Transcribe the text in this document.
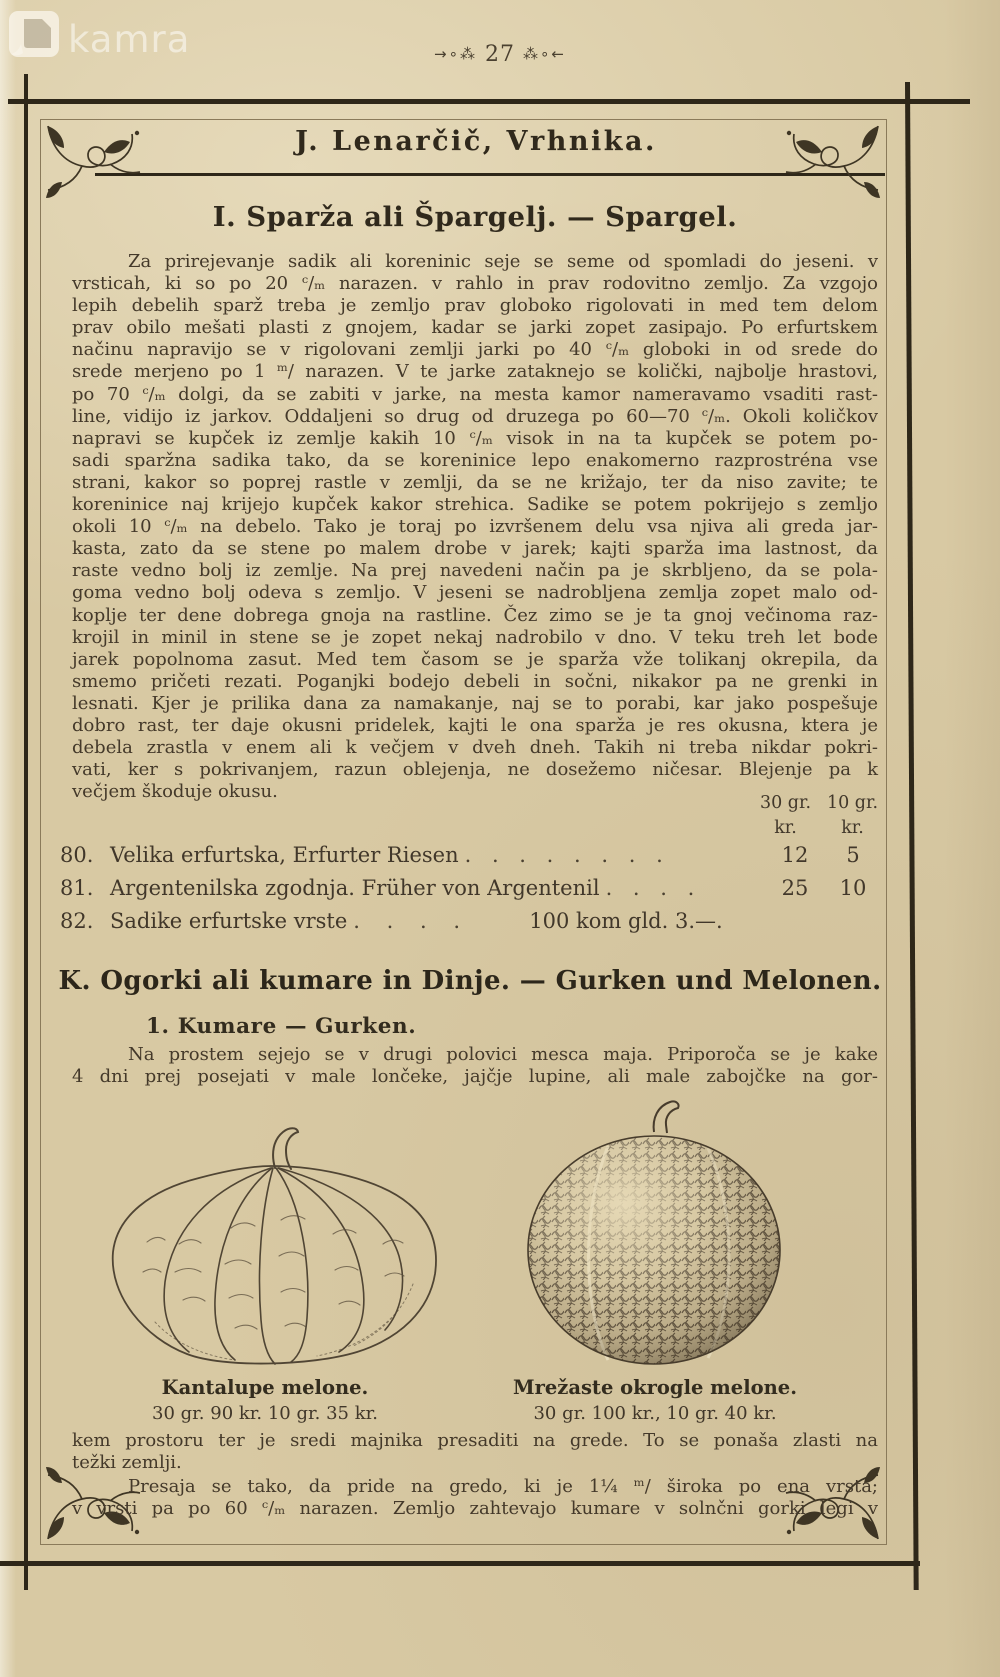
kamra	→∘⁂ 27 ⁂∘←
J. Lenarčič, Vrhnika.
I. Sparža ali Špargelj. — Spargel.
Za prirejevanje sadik ali koreninic seje se seme od spomladi do jeseni. v
vrsticah, ki so po 20 ᶜ/ₘ narazen. v rahlo in prav rodovitno zemljo. Za vzgojo
lepih debelih sparž treba je zemljo prav globoko rigolovati in med tem delom
prav obilo mešati plasti z gnojem, kadar se jarki zopet zasipajo. Po erfurtskem
načinu napravijo se v rigolovani zemlji jarki po 40 ᶜ/ₘ globoki in od srede do
srede merjeno po 1 ᵐ/ narazen. V te jarke zataknejo se količki, najbolje hrastovi,
po 70 ᶜ/ₘ dolgi, da se zabiti v jarke, na mesta kamor nameravamo vsaditi rast-
line, vidijo iz jarkov. Oddaljeni so drug od druzega po 60—70 ᶜ/ₘ. Okoli količkov
napravi se kupček iz zemlje kakih 10 ᶜ/ₘ visok in na ta kupček se potem po-
sadi sparžna sadika tako, da se koreninice lepo enakomerno razprostréna vse
strani, kakor so poprej rastle v zemlji, da se ne križajo, ter da niso zavite; te
koreninice naj krijejo kupček kakor strehica. Sadike se potem pokrijejo s zemljo
okoli 10 ᶜ/ₘ na debelo. Tako je toraj po izvršenem delu vsa njiva ali greda jar-
kasta, zato da se stene po malem drobe v jarek; kajti sparža ima lastnost, da
raste vedno bolj iz zemlje. Na prej navedeni način pa je skrbljeno, da se pola-
goma vedno bolj odeva s zemljo. V jeseni se nadrobljena zemlja zopet malo od-
koplje ter dene dobrega gnoja na rastline. Čez zimo se je ta gnoj večinoma raz-
krojil in minil in stene se je zopet nekaj nadrobilo v dno. V teku treh let bode
jarek popolnoma zasut. Med tem časom se je sparža vže tolikanj okrepila, da
smemo pričeti rezati. Poganjki bodejo debeli in sočni, nikakor pa ne grenki in
lesnati. Kjer je prilika dana za namakanje, naj se to porabi, kar jako pospešuje
dobro rast, ter daje okusni pridelek, kajti le ona sparža je res okusna, ktera je
debela zrastla v enem ali k večjem v dveh dneh. Takih ni treba nikdar pokri-
vati, ker s pokrivanjem, razun oblejenja, ne dosežemo ničesar. Blejenje pa k
večjem škoduje okusu.
30 gr. 10 gr.
kr.	kr.
80. Velika erfurtska, Erfurter Riesen . . . . . . . .	12	5
81. Argentenilska zgodnja. Früher von Argentenil . . . .	25	10
82. Sadike erfurtske vrste . . . .	100 kom gld. 3.—.
K. Ogorki ali kumare in Dinje. — Gurken und Melonen.
1. Kumare — Gurken.
Na prostem sejejo se v drugi polovici mesca maja. Priporoča se je kake
4 dni prej posejati v male lončeke, jajčje lupine, ali male zabojčke na gor-
Kantalupe melone.
30 gr. 90 kr. 10 gr. 35 kr.
Mrežaste okrogle melone.
30 gr. 100 kr., 10 gr. 40 kr.
kem prostoru ter je sredi majnika presaditi na grede. To se ponaša zlasti na
težki zemlji.
Presaja se tako, da pride na gredo, ki je 1¼ ᵐ/ široka po ena vrsta;
v vrsti pa po 60 ᶜ/ₘ narazen. Zemljo zahtevajo kumare v solnčni gorki legi v
